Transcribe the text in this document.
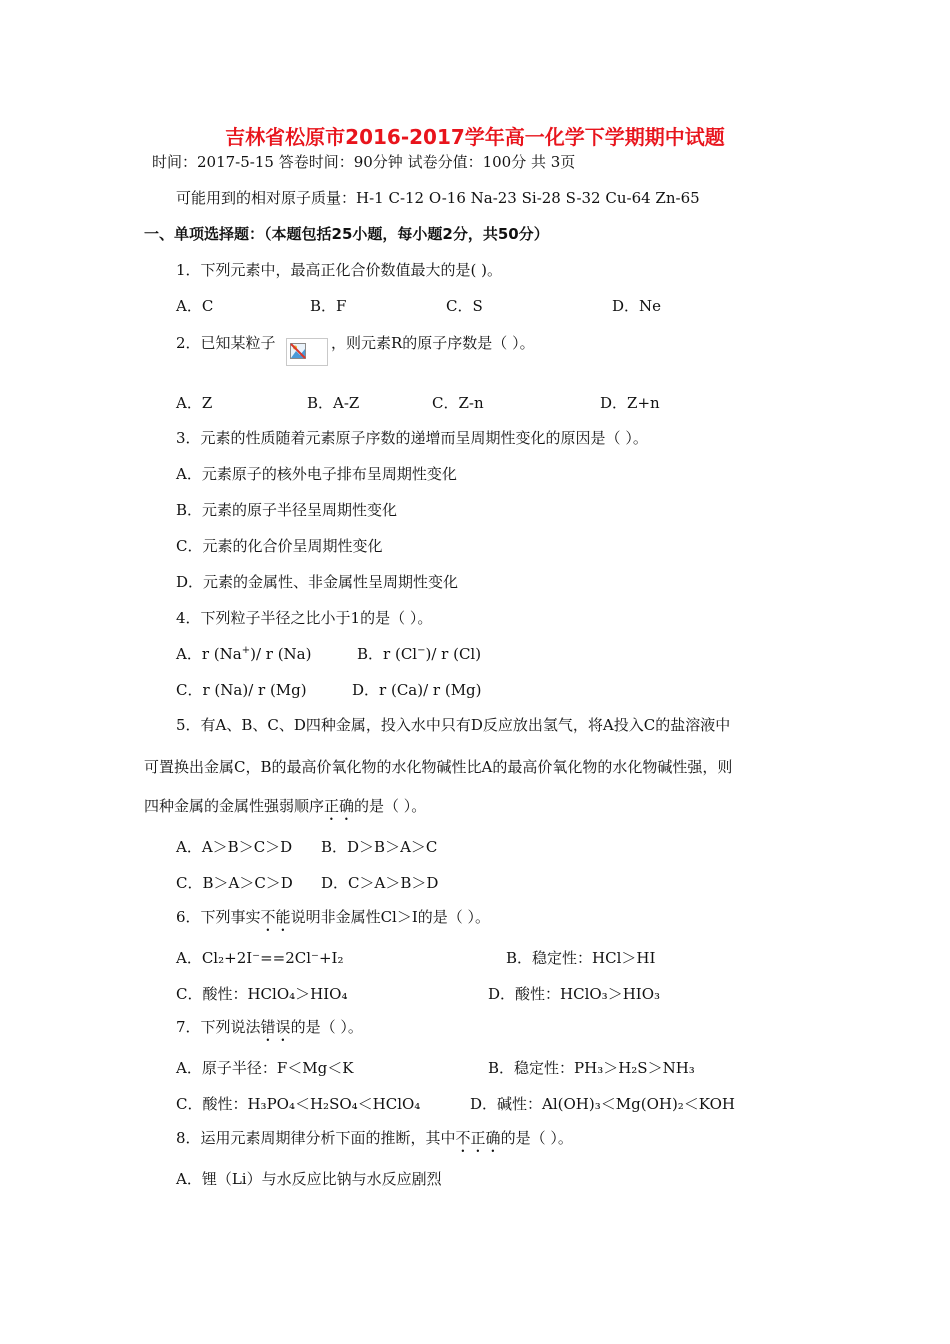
吉林省松原市2016-2017学年高一化学下学期期中试题
时间：2017-5-15 答卷时间：90分钟 试卷分值：100分 共 3页
可能用到的相对原子质量：H-1 C-12 O-16 Na-23 Si-28 S-32 Cu-64 Zn-65
一、单项选择题：（本题包括25小题，每小题2分，共50分）
1．下列元素中，最高正化合价数值最大的是( )。
A．C	B．F	C．S	D．Ne
2．已知某粒子	，则元素R的原子序数是（ ）。
A．Z	B．A-Z	C．Z-n	D．Z+n
3．元素的性质随着元素原子序数的递增而呈周期性变化的原因是（ ）。
A．元素原子的核外电子排布呈周期性变化
B．元素的原子半径呈周期性变化
C．元素的化合价呈周期性变化
D．元素的金属性、非金属性呈周期性变化
4．下列粒子半径之比小于1的是（ ）。
A．r (Na+)/ r (Na)	B．r (Cl−)/ r (Cl)
C．r (Na)/ r (Mg)	D．r (Ca)/ r (Mg)
5．有A、B、C、D四种金属，投入水中只有D反应放出氢气，将A投入C的盐溶液中
可置换出金属C，B的最高价氧化物的水化物碱性比A的最高价氧化物的水化物碱性强，则
四种金属的金属性强弱顺序正确的是（ ）。
A．A＞B＞C＞D B．D＞B＞A＞C
C．B＞A＞C＞D D．C＞A＞B＞D
6．下列事实不能说明非金属性Cl＞I的是（ ）。
A．Cl₂+2I⁻==2Cl⁻+I₂	B．稳定性：HCl＞HI
C．酸性：HClO₄＞HIO₄	D．酸性：HClO₃＞HIO₃
7．下列说法错误的是（ ）。
A．原子半径：F＜Mg＜K	B．稳定性：PH₃＞H₂S＞NH₃
C．酸性：H₃PO₄＜H₂SO₄＜HClO₄	D．碱性：Al(OH)₃＜Mg(OH)₂＜KOH
8．运用元素周期律分析下面的推断，其中不正确的是（ ）。
A．锂（Li）与水反应比钠与水反应剧烈
